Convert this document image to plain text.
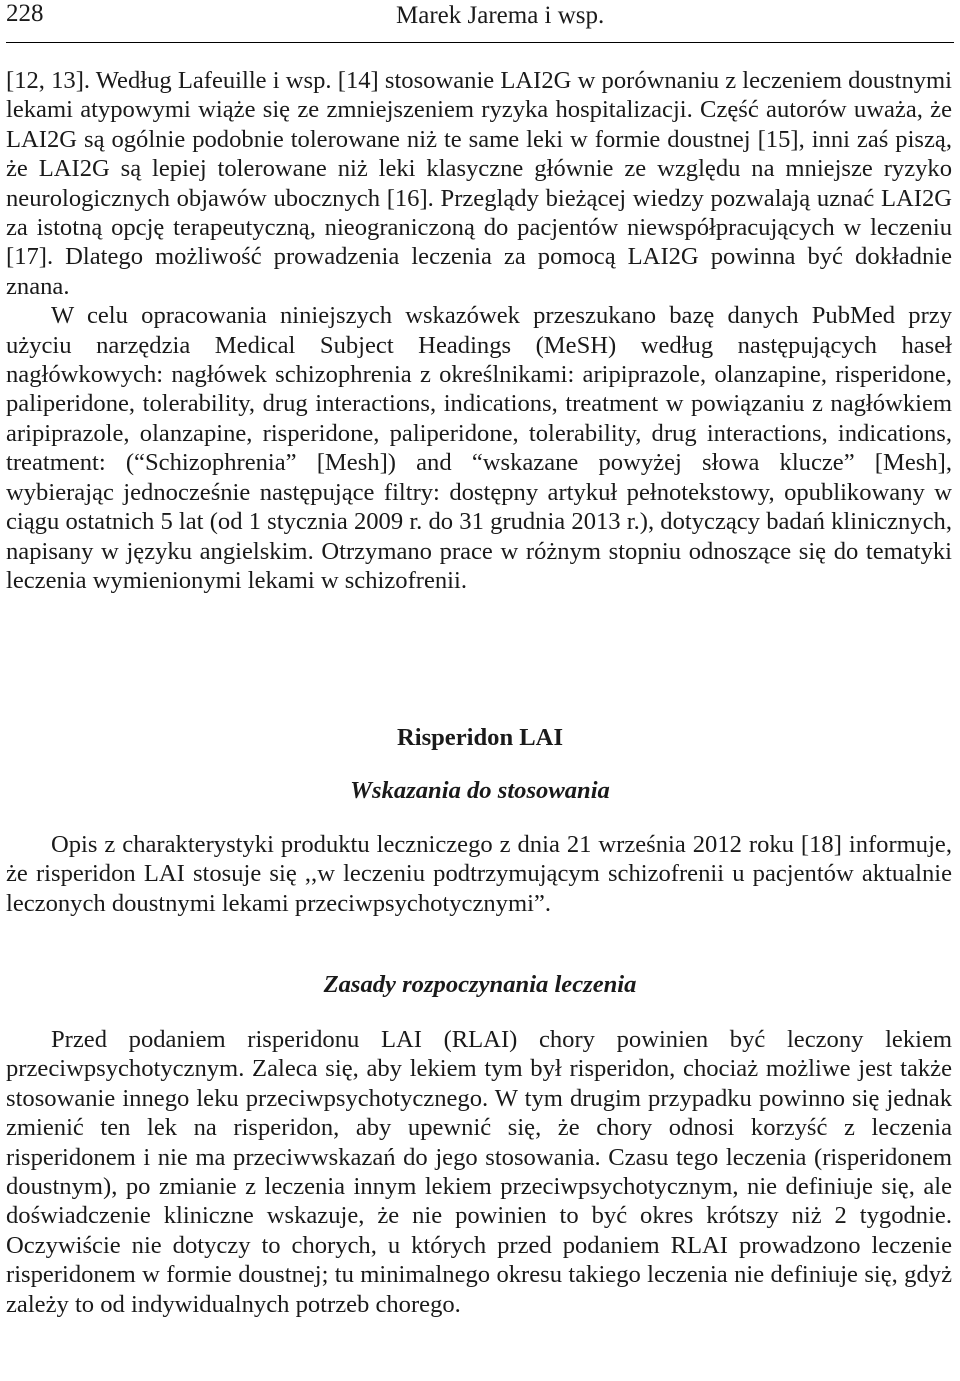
228	Marek Jarema i wsp.

[12, 13]. Według Lafeuille i wsp. [14] stosowanie LAI2G w porównaniu z leczeniem doustnymi lekami atypowymi wiąże się ze zmniejszeniem ryzyka hospitalizacji. Część autorów uważa, że LAI2G są ogólnie podobnie tolerowane niż te same leki w formie doustnej [15], inni zaś piszą, że LAI2G są lepiej tolerowane niż leki klasyczne głównie ze względu na mniejsze ryzyko neurologicznych objawów ubocznych [16]. Przeglądy bieżącej wiedzy pozwalają uznać LAI2G za istotną opcję terapeutyczną, nieograniczoną do pacjentów niewspółpracujących w leczeniu [17]. Dlatego możliwość prowadzenia leczenia za pomocą LAI2G powinna być dokładnie znana.

W celu opracowania niniejszych wskazówek przeszukano bazę danych PubMed przy użyciu narzędzia Medical Subject Headings (MeSH) według następujących haseł nagłówkowych: nagłówek schizophrenia z określnikami: aripiprazole, olanzapine, risperidone, paliperidone, tolerability, drug interactions, indications, treatment w powiązaniu z nagłówkiem aripiprazole, olanzapine, risperidone, paliperidone, tolerability, drug interactions, indications, treatment: (“Schizophrenia” [Mesh]) and “wskazane powyżej słowa klucze” [Mesh], wybierając jednocześnie następujące filtry: dostępny artykuł pełnotekstowy, opublikowany w ciągu ostatnich 5 lat (od 1 stycznia 2009 r. do 31 grudnia 2013 r.), dotyczący badań klinicznych, napisany w języku angielskim. Otrzymano prace w różnym stopniu odnoszące się do tematyki leczenia wymienionymi lekami w schizofrenii.

Risperidon LAI
Wskazania do stosowania

Opis z charakterystyki produktu leczniczego z dnia 21 września 2012 roku [18] informuje, że risperidon LAI stosuje się ,,w leczeniu podtrzymującym schizofrenii u pacjentów aktualnie leczonych doustnymi lekami przeciwpsychotycznymi”.

Zasady rozpoczynania leczenia

Przed podaniem risperidonu LAI (RLAI) chory powinien być leczony lekiem przeciwpsychotycznym. Zaleca się, aby lekiem tym był risperidon, chociaż możliwe jest także stosowanie innego leku przeciwpsychotycznego. W tym drugim przypadku powinno się jednak zmienić ten lek na risperidon, aby upewnić się, że chory odnosi korzyść z leczenia risperidonem i nie ma przeciwwskazań do jego stosowania. Czasu tego leczenia (risperidonem doustnym), po zmianie z leczenia innym lekiem przeciwpsychotycznym, nie definiuje się, ale doświadczenie kliniczne wskazuje, że nie powinien to być okres krótszy niż 2 tygodnie. Oczywiście nie dotyczy to chorych, u których przed podaniem RLAI prowadzono leczenie risperidonem w formie doustnej; tu minimalnego okresu takiego leczenia nie definiuje się, gdyż zależy to od indywidualnych potrzeb chorego.
